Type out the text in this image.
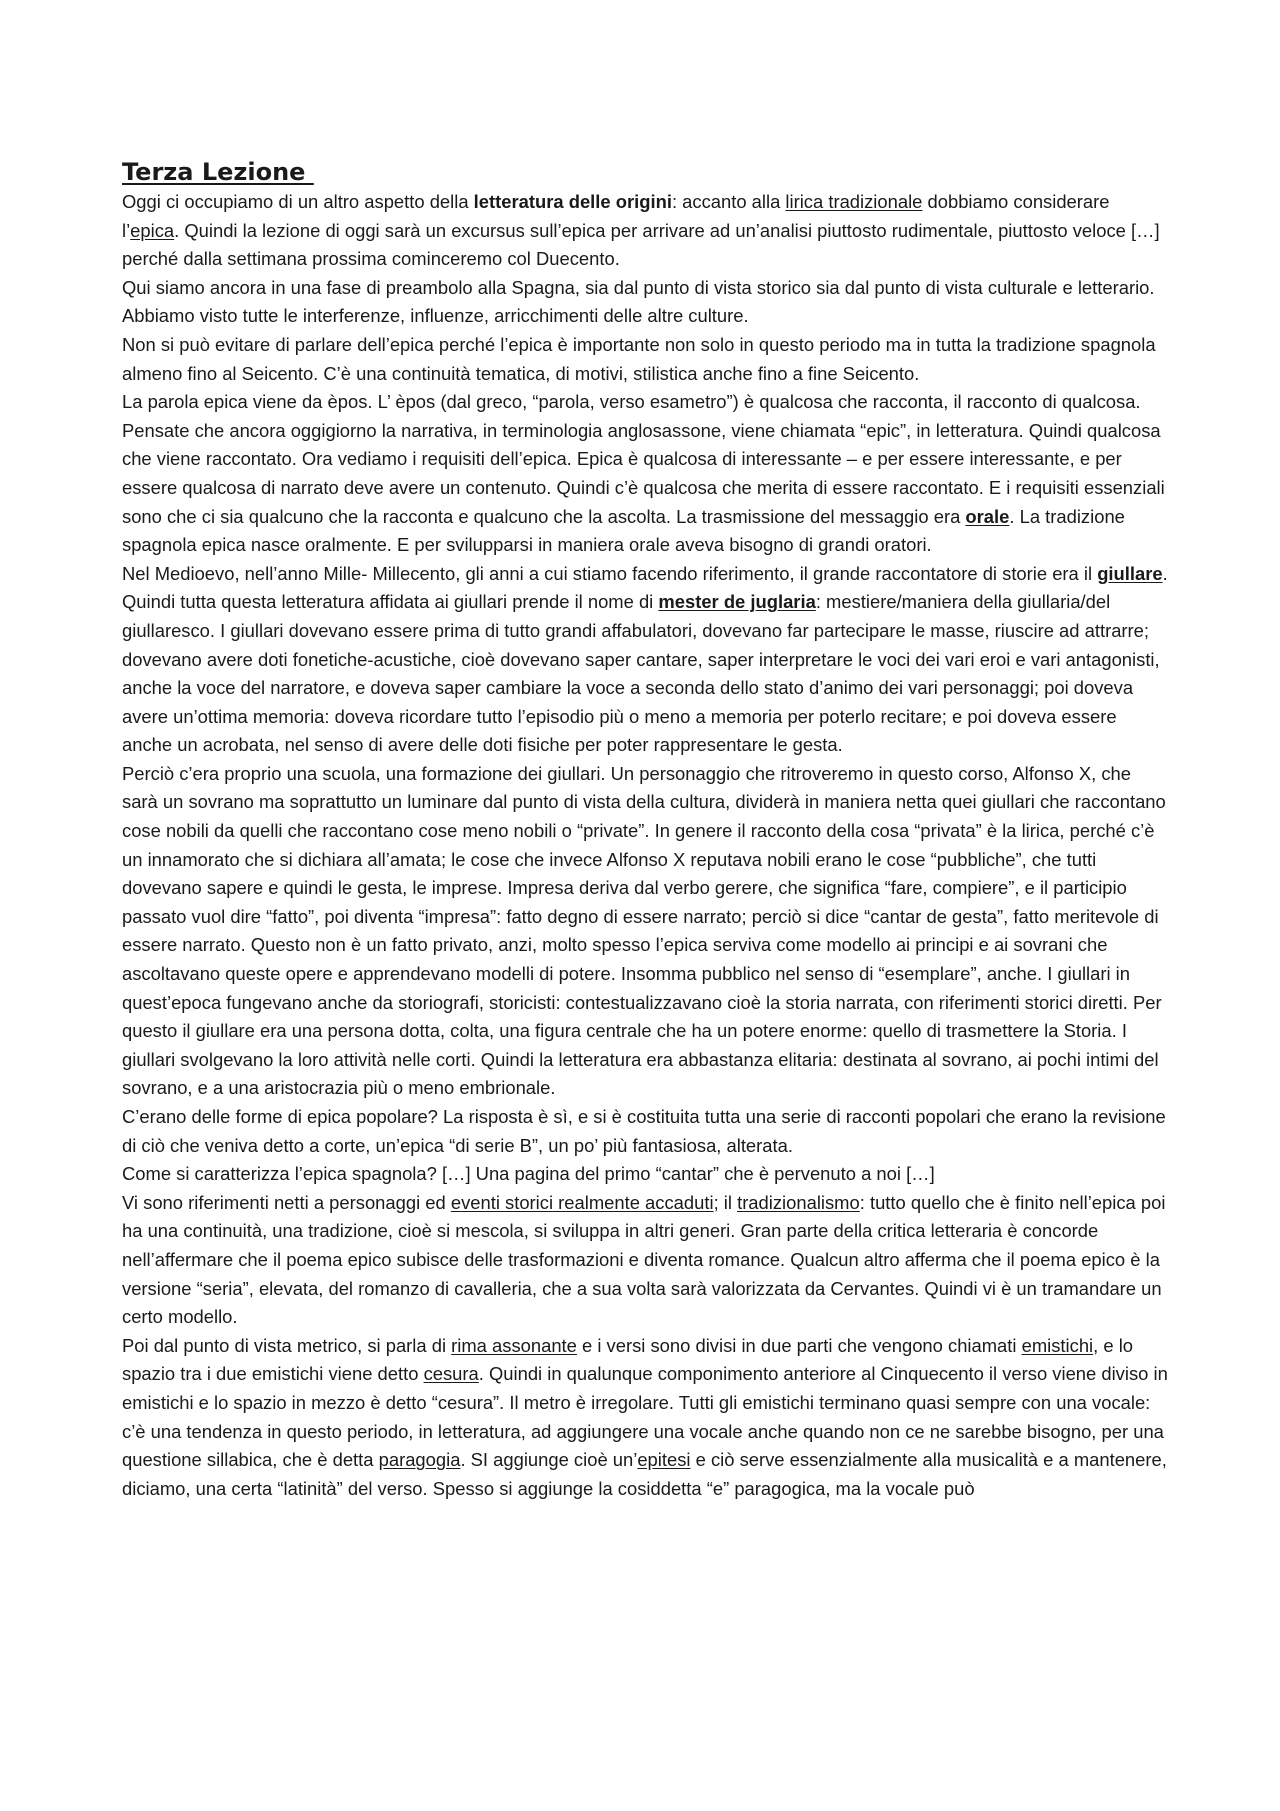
Terza Lezione

Oggi ci occupiamo di un altro aspetto della letteratura delle origini: accanto alla lirica tradizionale dobbiamo considerare l’epica. Quindi la lezione di oggi sarà un excursus sull’epica per arrivare ad un’analisi piuttosto rudimentale, piuttosto veloce […] perché dalla settimana prossima cominceremo col Duecento.

Qui siamo ancora in una fase di preambolo alla Spagna, sia dal punto di vista storico sia dal punto di vista culturale e letterario. Abbiamo visto tutte le interferenze, influenze, arricchimenti delle altre culture.

Non si può evitare di parlare dell’epica perché l’epica è importante non solo in questo periodo ma in tutta la tradizione spagnola almeno fino al Seicento. C’è una continuità tematica, di motivi, stilistica anche fino a fine Seicento.

La parola epica viene da èpos. L’ èpos (dal greco, “parola, verso esametro”) è qualcosa che racconta, il racconto di qualcosa. Pensate che ancora oggigiorno la narrativa, in terminologia anglosassone, viene chiamata “epic”, in letteratura. Quindi qualcosa che viene raccontato. Ora vediamo i requisiti dell’epica. Epica è qualcosa di interessante – e per essere interessante, e per essere qualcosa di narrato deve avere un contenuto. Quindi c’è qualcosa che merita di essere raccontato. E i requisiti essenziali sono che ci sia qualcuno che la racconta e qualcuno che la ascolta. La trasmissione del messaggio era orale. La tradizione spagnola epica nasce oralmente. E per svilupparsi in maniera orale aveva bisogno di grandi oratori.

Nel Medioevo, nell’anno Mille- Millecento, gli anni a cui stiamo facendo riferimento, il grande raccontatore di storie era il giullare. Quindi tutta questa letteratura affidata ai giullari prende il nome di mester de juglaria: mestiere/maniera della giullaria/del giullaresco. I giullari dovevano essere prima di tutto grandi affabulatori, dovevano far partecipare le masse, riuscire ad attrarre; dovevano avere doti fonetiche-acustiche, cioè dovevano saper cantare, saper interpretare le voci dei vari eroi e vari antagonisti, anche la voce del narratore, e doveva saper cambiare la voce a seconda dello stato d’animo dei vari personaggi; poi doveva avere un’ottima memoria: doveva ricordare tutto l’episodio più o meno a memoria per poterlo recitare; e poi doveva essere anche un acrobata, nel senso di avere delle doti fisiche per poter rappresentare le gesta.

Perciò c’era proprio una scuola, una formazione dei giullari. Un personaggio che ritroveremo in questo corso, Alfonso X, che sarà un sovrano ma soprattutto un luminare dal punto di vista della cultura, dividerà in maniera netta quei giullari che raccontano cose nobili da quelli che raccontano cose meno nobili o “private”. In genere il racconto della cosa “privata” è la lirica, perché c’è un innamorato che si dichiara all’amata; le cose che invece Alfonso X reputava nobili erano le cose “pubbliche”, che tutti dovevano sapere e quindi le gesta, le imprese. Impresa deriva dal verbo gerere, che significa “fare, compiere”, e il participio passato vuol dire “fatto”, poi diventa “impresa”: fatto degno di essere narrato; perciò si dice “cantar de gesta”, fatto meritevole di essere narrato. Questo non è un fatto privato, anzi, molto spesso l’epica serviva come modello ai principi e ai sovrani che ascoltavano queste opere e apprendevano modelli di potere. Insomma pubblico nel senso di “esemplare”, anche. I giullari in quest’epoca fungevano anche da storiografi, storicisti: contestualizzavano cioè la storia narrata, con riferimenti storici diretti. Per questo il giullare era una persona dotta, colta, una figura centrale che ha un potere enorme: quello di trasmettere la Storia. I giullari svolgevano la loro attività nelle corti. Quindi la letteratura era abbastanza elitaria: destinata al sovrano, ai pochi intimi del sovrano, e a una aristocrazia più o meno embrionale.

C’erano delle forme di epica popolare? La risposta è sì, e si è costituita tutta una serie di racconti popolari che erano la revisione di ciò che veniva detto a corte, un’epica “di serie B”, un po’ più fantasiosa, alterata.

Come si caratterizza l’epica spagnola? […] Una pagina del primo “cantar” che è pervenuto a noi […]

Vi sono riferimenti netti a personaggi ed eventi storici realmente accaduti; il tradizionalismo: tutto quello che è finito nell’epica poi ha una continuità, una tradizione, cioè si mescola, si sviluppa in altri generi. Gran parte della critica letteraria è concorde nell’affermare che il poema epico subisce delle trasformazioni e diventa romance. Qualcun altro afferma che il poema epico è la versione “seria”, elevata, del romanzo di cavalleria, che a sua volta sarà valorizzata da Cervantes. Quindi vi è un tramandare un certo modello.

Poi dal punto di vista metrico, si parla di rima assonante e i versi sono divisi in due parti che vengono chiamati emistichi, e lo spazio tra i due emistichi viene detto cesura. Quindi in qualunque componimento anteriore al Cinquecento il verso viene diviso in emistichi e lo spazio in mezzo è detto “cesura”. Il metro è irregolare. Tutti gli emistichi terminano quasi sempre con una vocale: c’è una tendenza in questo periodo, in letteratura, ad aggiungere una vocale anche quando non ce ne sarebbe bisogno, per una questione sillabica, che è detta paragogia. SI aggiunge cioè un’epitesi e ciò serve essenzialmente alla musicalità e a mantenere, diciamo, una certa “latinità” del verso. Spesso si aggiunge la cosiddetta “e” paragogica, ma la vocale può
